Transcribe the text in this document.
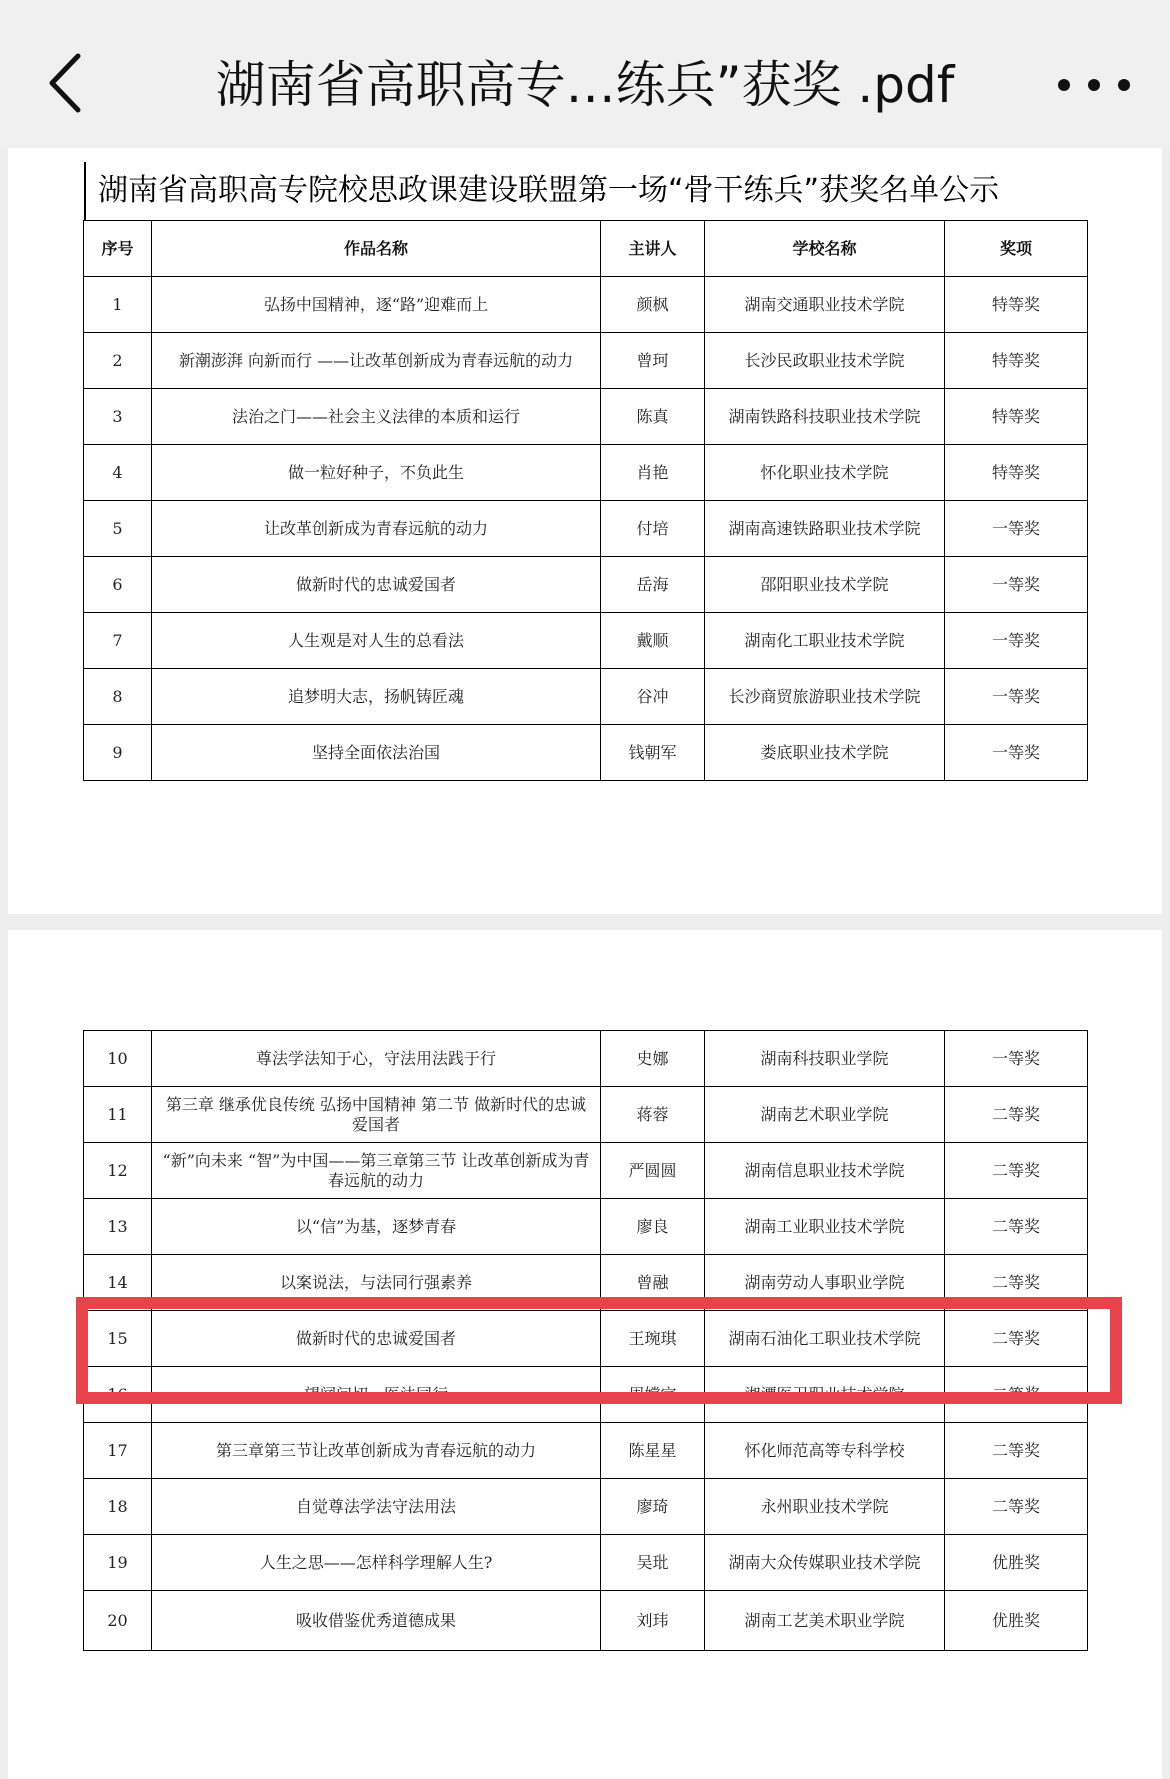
湖南省高职高专…练兵”获奖 .pdf
湖南省高职高专院校思政课建设联盟第一场“骨干练兵”获奖名单公示
序号	作品名称	主讲人	学校名称	奖项
1	弘扬中国精神，逐“路”迎难而上	颜枫	湖南交通职业技术学院	特等奖
2	新潮澎湃 向新而行 ——让改革创新成为青春远航的动力	曾珂	长沙民政职业技术学院	特等奖
3	法治之门——社会主义法律的本质和运行	陈真	湖南铁路科技职业技术学院	特等奖
4	做一粒好种子，不负此生	肖艳	怀化职业技术学院	特等奖
5	让改革创新成为青春远航的动力	付培	湖南高速铁路职业技术学院	一等奖
6	做新时代的忠诚爱国者	岳海	邵阳职业技术学院	一等奖
7	人生观是对人生的总看法	戴顺	湖南化工职业技术学院	一等奖
8	追梦明大志，扬帆铸匠魂	谷冲	长沙商贸旅游职业技术学院	一等奖
9	坚持全面依法治国	钱朝军	娄底职业技术学院	一等奖
10	尊法学法知于心，守法用法践于行	史娜	湖南科技职业学院	一等奖
11	第三章 继承优良传统 弘扬中国精神 第二节 做新时代的忠诚爱国者	蒋蓉	湖南艺术职业学院	二等奖
12	“新”向未来 “智”为中国——第三章第三节 让改革创新成为青春远航的动力	严圆圆	湖南信息职业技术学院	二等奖
13	以“信”为基，逐梦青春	廖良	湖南工业职业技术学院	二等奖
14	以案说法，与法同行强素养	曾融	湖南劳动人事职业学院	二等奖
15	做新时代的忠诚爱国者	王琬琪	湖南石油化工职业技术学院	二等奖
16	望闻问切，医法同行	周嫦宇	湘潭医卫职业技术学院	二等奖
17	第三章第三节让改革创新成为青春远航的动力	陈星星	怀化师范高等专科学校	二等奖
18	自觉尊法学法守法用法	廖琦	永州职业技术学院	二等奖
19	人生之思——怎样科学理解人生?	吴玭	湖南大众传媒职业技术学院	优胜奖
20	吸收借鉴优秀道德成果	刘玮	湖南工艺美术职业学院	优胜奖
